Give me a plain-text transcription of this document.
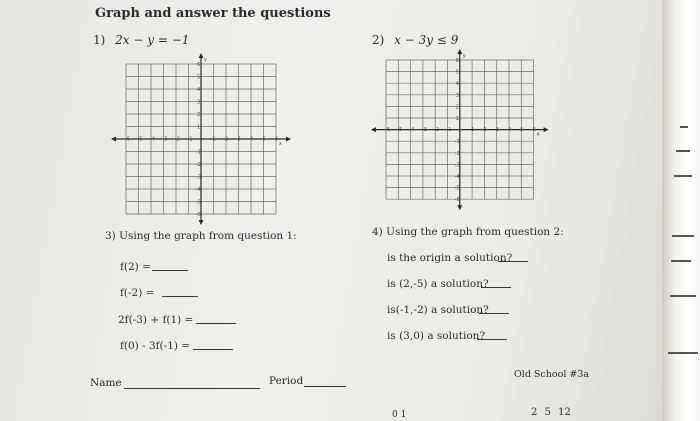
Graph and answer the questions
1) 2x − y = −1	2) x − 3y ≤ 9
-6 -5 -4 -3 -2 -1	1 2 3 4 5 6
6
5
4
3
2
1
-1
-2
-3
-4
-5
-6
y
x
-6 -5 -4 -3 -2 -1	1 2 3 4 5 6
6
5
4
3
2
1
-1
-2
-3
-4
-5
-6
y
x
3) Using the graph from question 1:
f(2) =
f(-2) =
2f(-3) + f(1) =
f(0) - 3f(-1) =
4) Using the graph from question 2:
is the origin a solution?
is (2,-5) a solution?
is(-1,-2) a solution?
is (3,0) a solution?
Name	Period
Old School #3a
0 1	2 5 12
